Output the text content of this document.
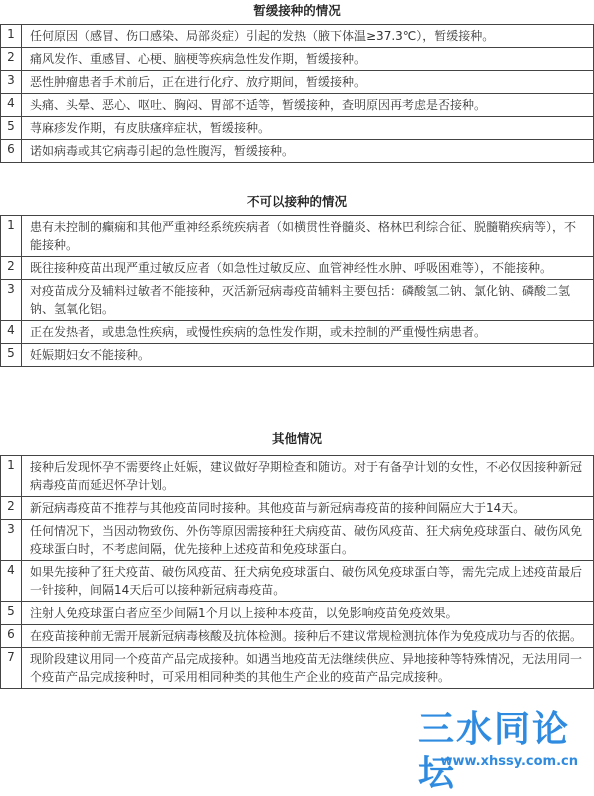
暂缓接种的情况
1	任何原因（感冒、伤口感染、局部炎症）引起的发热（腋下体温≥37.3℃），暂缓接种。
2	痛风发作、重感冒、心梗、脑梗等疾病急性发作期，暂缓接种。
3	恶性肿瘤患者手术前后，正在进行化疗、放疗期间，暂缓接种。
4	头痛、头晕、恶心、呕吐、胸闷、胃部不适等，暂缓接种，查明原因再考虑是否接种。
5	荨麻疹发作期，有皮肤瘙痒症状，暂缓接种。
6	诺如病毒或其它病毒引起的急性腹泻，暂缓接种。
不可以接种的情况
1	患有未控制的癫痫和其他严重神经系统疾病者（如横贯性脊髓炎、格林巴利综合征、脱髓鞘疾病等），不能接种。
2	既往接种疫苗出现严重过敏反应者（如急性过敏反应、血管神经性水肿、呼吸困难等），不能接种。
3	对疫苗成分及辅料过敏者不能接种，灭活新冠病毒疫苗辅料主要包括：磷酸氢二钠、氯化钠、磷酸二氢钠、氢氧化铝。
4	正在发热者，或患急性疾病，或慢性疾病的急性发作期，或未控制的严重慢性病患者。
5	妊娠期妇女不能接种。
其他情况
1	接种后发现怀孕不需要终止妊娠，建议做好孕期检查和随访。对于有备孕计划的女性，不必仅因接种新冠病毒疫苗而延迟怀孕计划。
2	新冠病毒疫苗不推荐与其他疫苗同时接种。其他疫苗与新冠病毒疫苗的接种间隔应大于14天。
3	任何情况下，当因动物致伤、外伤等原因需接种狂犬病疫苗、破伤风疫苗、狂犬病免疫球蛋白、破伤风免疫球蛋白时，不考虑间隔，优先接种上述疫苗和免疫球蛋白。
4	如果先接种了狂犬疫苗、破伤风疫苗、狂犬病免疫球蛋白、破伤风免疫球蛋白等，需先完成上述疫苗最后一针接种，间隔14天后可以接种新冠病毒疫苗。
5	注射人免疫球蛋白者应至少间隔1个月以上接种本疫苗，以免影响疫苗免疫效果。
6	在疫苗接种前无需开展新冠病毒核酸及抗体检测。接种后不建议常规检测抗体作为免疫成功与否的依据。
7	现阶段建议用同一个疫苗产品完成接种。如遇当地疫苗无法继续供应、异地接种等特殊情况，无法用同一个疫苗产品完成接种时，可采用相同种类的其他生产企业的疫苗产品完成接种。
三水同论坛
www.xhssy.com.cn
